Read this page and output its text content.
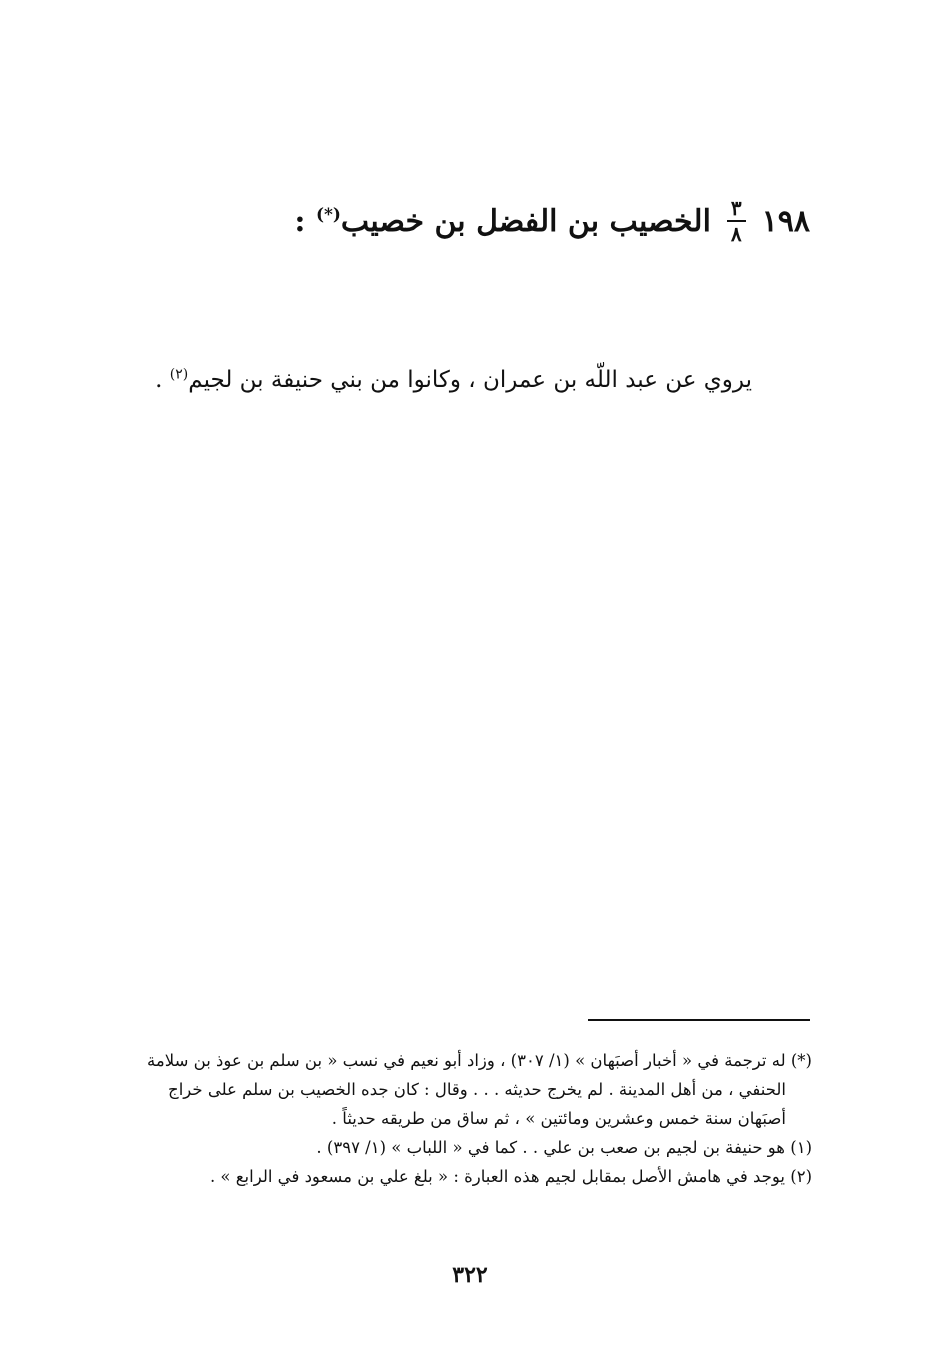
١٩٨
$\frac{٣}{٨}$
الخصيب بن الفضل بن خصيب(*) :
يروي عن عبد اللّه بن عمران ، وكانوا من بني حنيفة بن لجيم$^{(٢)}$ .

(*) له ترجمة في « أخبار أصبَهان » (١/ ٣٠٧) ، وزاد أبو نعيم في نسب « بن سلم بن عوذ بن سلامة

الحنفي ، من أهل المدينة . لم يخرج حديثه . . . وقال : كان جده الخصيب بن سلم على خراج

أصبَهان سنة خمس وعشرين ومائتين » ، ثم ساق من طريقه حديثاً .

(١) هو حنيفة بن لجيم بن صعب بن علي . . كما في « اللباب » (١/ ٣٩٧) .

(٢) يوجد في هامش الأصل بمقابل لجيم هذه العبارة : « بلغ علي بن مسعود في الرابع » .

٣٢٢
